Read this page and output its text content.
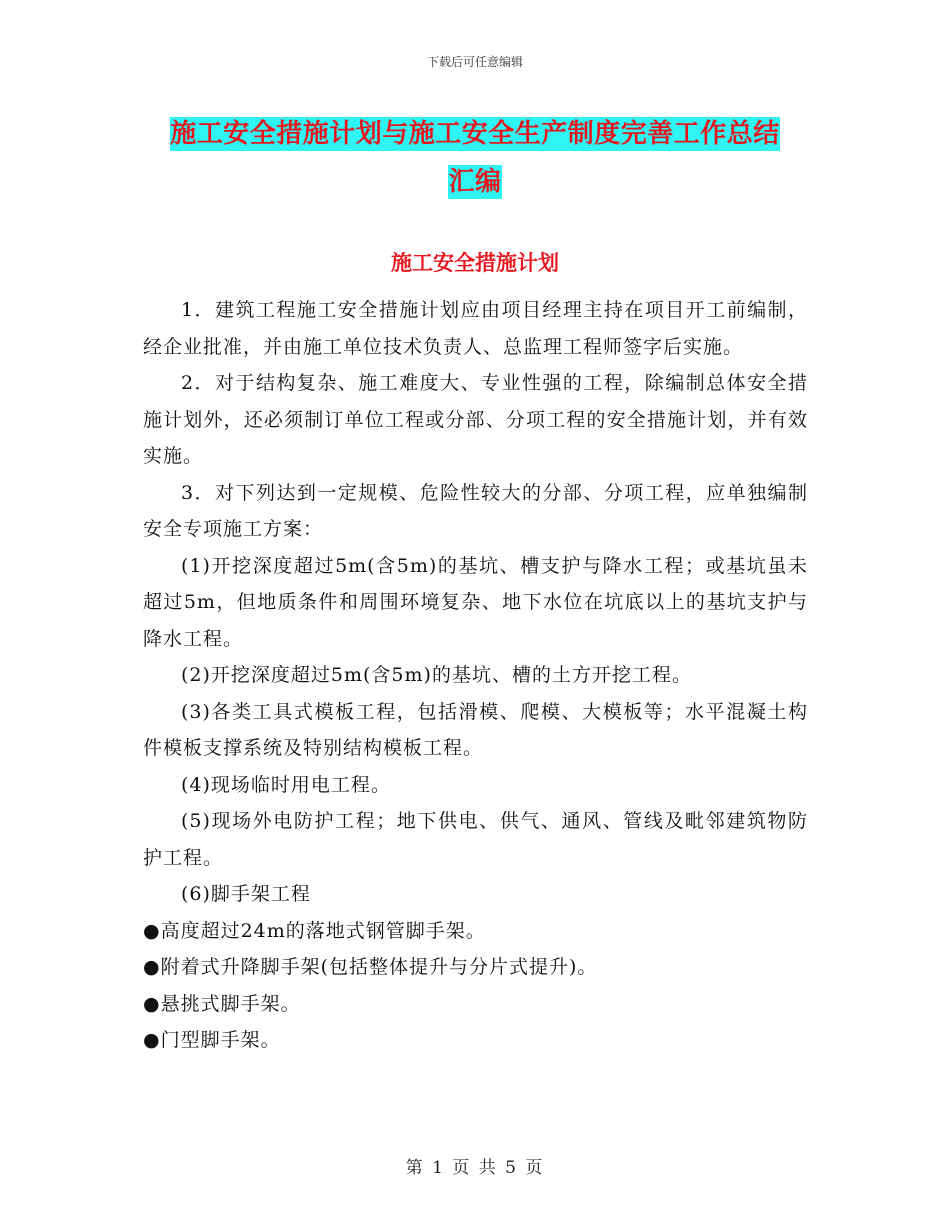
下载后可任意编辑
施工安全措施计划与施工安全生产制度完善工作总结
汇编
施工安全措施计划

1．建筑工程施工安全措施计划应由项目经理主持在项目开工前编制，经企业批准，并由施工单位技术负责人、总监理工程师签字后实施。

2．对于结构复杂、施工难度大、专业性强的工程，除编制总体安全措施计划外，还必须制订单位工程或分部、分项工程的安全措施计划，并有效实施。

3．对下列达到一定规模、危险性较大的分部、分项工程，应单独编制安全专项施工方案：

(1)开挖深度超过5m(含5m)的基坑、槽支护与降水工程；或基坑虽未超过5m，但地质条件和周围环境复杂、地下水位在坑底以上的基坑支护与降水工程。

(2)开挖深度超过5m(含5m)的基坑、槽的土方开挖工程。

(3)各类工具式模板工程，包括滑模、爬模、大模板等；水平混凝土构件模板支撑系统及特别结构模板工程。

(4)现场临时用电工程。

(5)现场外电防护工程；地下供电、供气、通风、管线及毗邻建筑物防护工程。

(6)脚手架工程

●高度超过24m的落地式钢管脚手架。

●附着式升降脚手架(包括整体提升与分片式提升)。

●悬挑式脚手架。

●门型脚手架。

第 1 页 共 5 页
